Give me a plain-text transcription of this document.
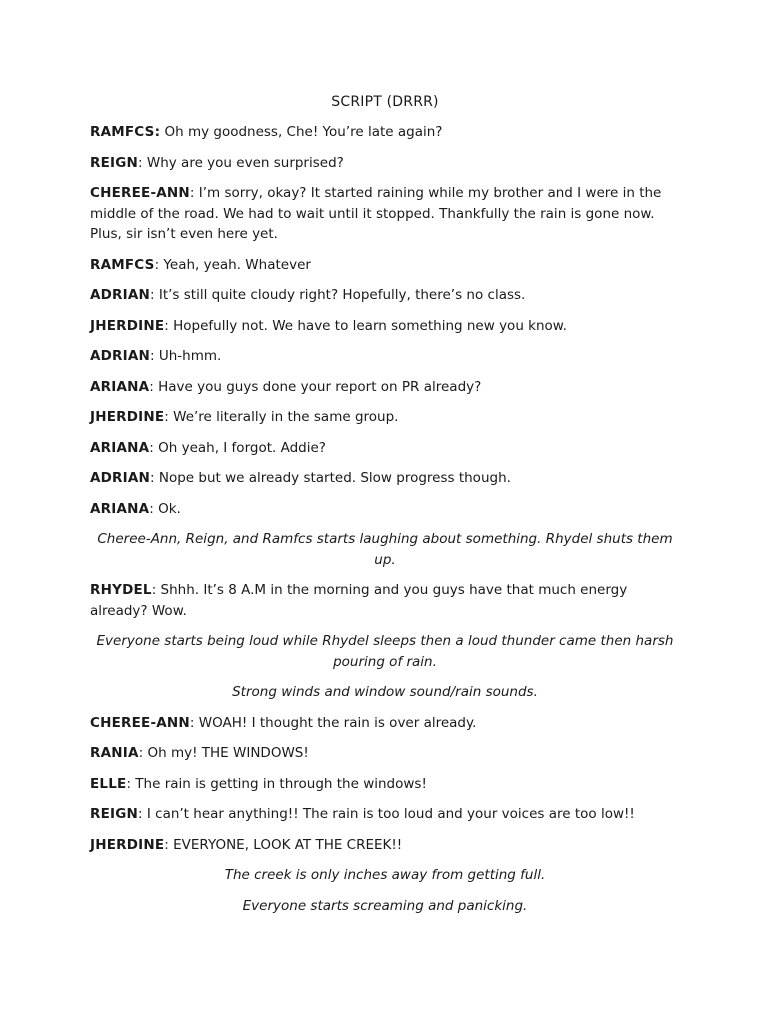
SCRIPT (DRRR)

RAMFCS: Oh my goodness, Che! You’re late again?

REIGN: Why are you even surprised?

CHEREE-ANN: I’m sorry, okay? It started raining while my brother and I were in the middle of the road. We had to wait until it stopped. Thankfully the rain is gone now. Plus, sir isn’t even here yet.

RAMFCS: Yeah, yeah. Whatever

ADRIAN: It’s still quite cloudy right? Hopefully, there’s no class.

JHERDINE: Hopefully not. We have to learn something new you know.

ADRIAN: Uh-hmm.

ARIANA: Have you guys done your report on PR already?

JHERDINE: We’re literally in the same group.

ARIANA: Oh yeah, I forgot. Addie?

ADRIAN: Nope but we already started. Slow progress though.

ARIANA: Ok.

Cheree-Ann, Reign, and Ramfcs starts laughing about something. Rhydel shuts them up.

RHYDEL: Shhh. It’s 8 A.M in the morning and you guys have that much energy already? Wow.

Everyone starts being loud while Rhydel sleeps then a loud thunder came then harsh pouring of rain.

Strong winds and window sound/rain sounds.

CHEREE-ANN: WOAH! I thought the rain is over already.

RANIA: Oh my! THE WINDOWS!

ELLE: The rain is getting in through the windows!

REIGN: I can’t hear anything!! The rain is too loud and your voices are too low!!

JHERDINE: EVERYONE, LOOK AT THE CREEK!!

The creek is only inches away from getting full.

Everyone starts screaming and panicking.
